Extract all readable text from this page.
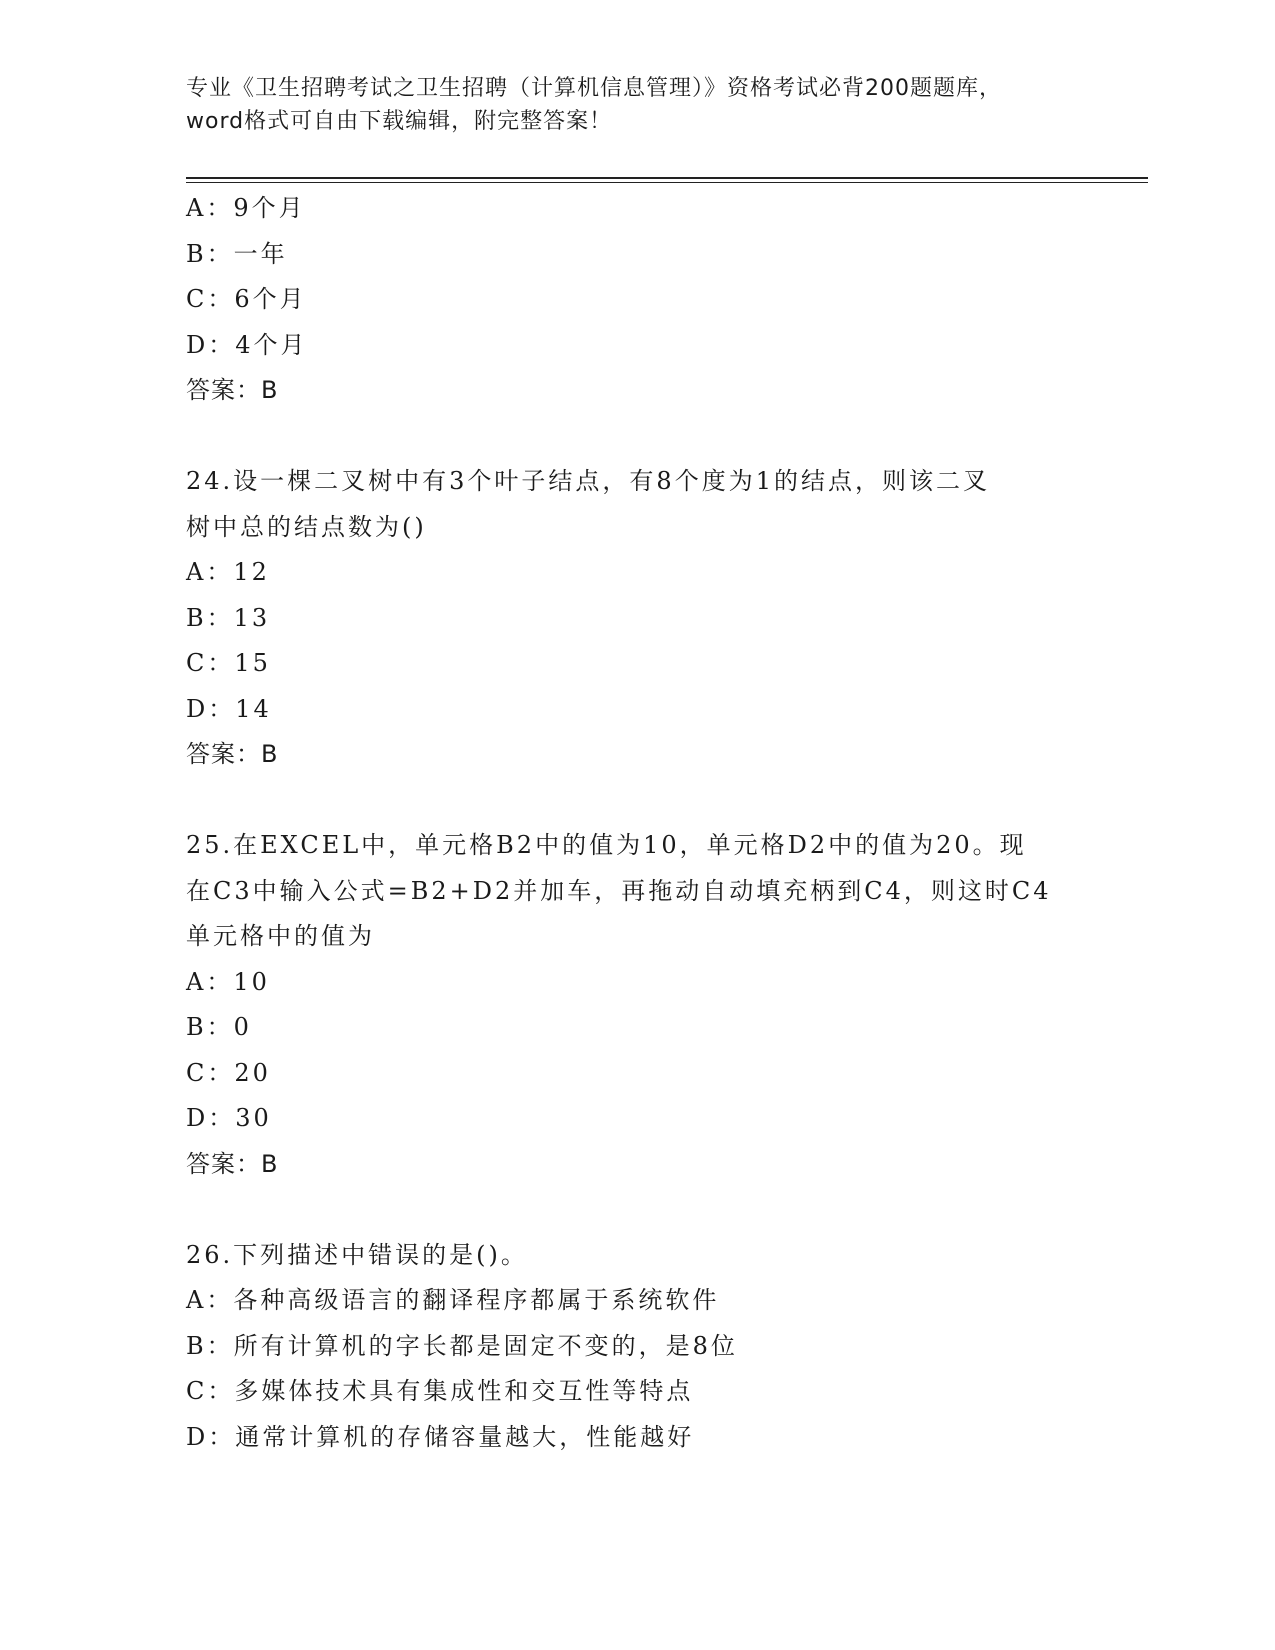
专业《卫生招聘考试之卫生招聘（计算机信息管理）》资格考试必背200题题库，
word格式可自由下载编辑，附完整答案！
A：9个月
B：一年
C：6个月
D：4个月
答案：B
24.设一棵二叉树中有3个叶子结点，有8个度为1的结点，则该二叉
树中总的结点数为()
A：12
B：13
C：15
D：14
答案：B
25.在EXCEL中，单元格B2中的值为10，单元格D2中的值为20。现
在C3中输入公式=B2+D2并加车，再拖动自动填充柄到C4，则这时C4
单元格中的值为
A：10
B：0
C：20
D：30
答案：B
26.下列描述中错误的是()。
A：各种高级语言的翻译程序都属于系统软件
B：所有计算机的字长都是固定不变的，是8位
C：多媒体技术具有集成性和交互性等特点
D：通常计算机的存储容量越大，性能越好
